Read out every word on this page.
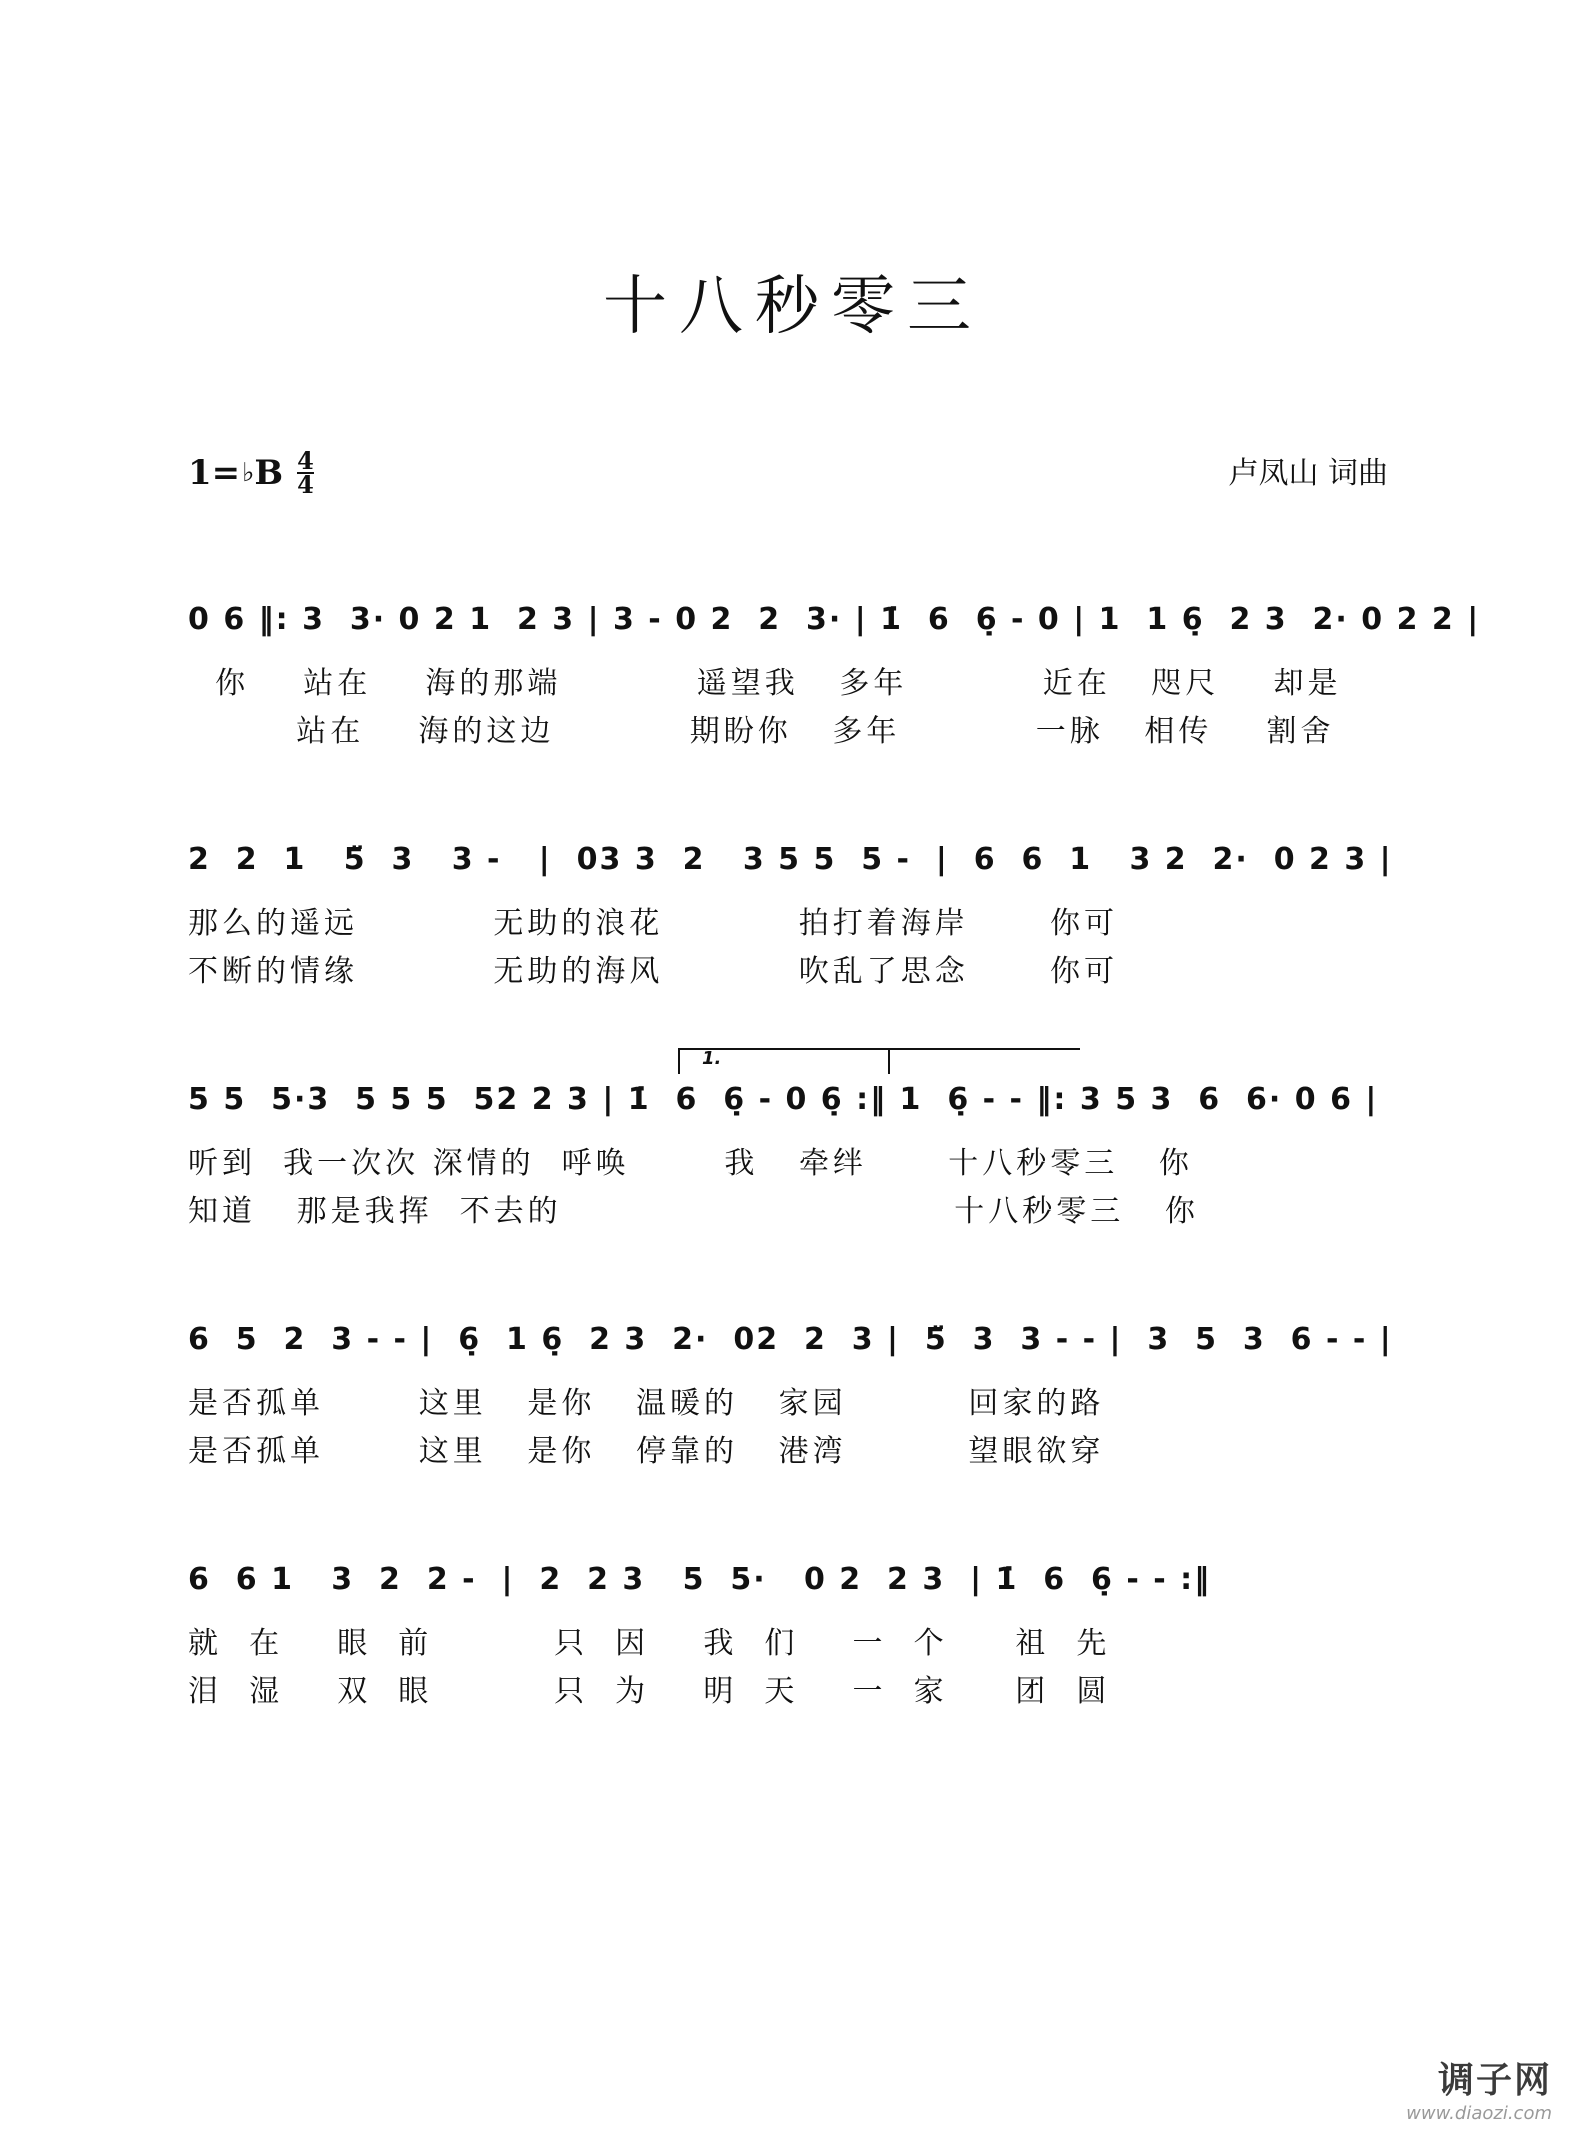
十八秒零三
1= ♭ B 4
4	卢凤山 词曲
0 6 ‖: 3  3· 0 2 1  2 3 | 3 - 0 2  2  3· | 1̇  6  6̣ - 0 | 1  1 6̣  2 3  2· 0 2 2 |
你    站在    海的那端          遥望我   多年          近在   咫尺    却是
站在    海的这边          期盼你   多年          一脉   相传    割舍
2  2  1   5̈  3   3 -   |  03 3  2   3 5 5  5 -  |  6  6  1   3 2  2·  0 2 3 |
那么的遥远          无助的浪花          拍打着海岸      你可
不断的情缘          无助的海风          吹乱了思念      你可
1.
5 5  5·3  5 5 5  52 2 3 | 1̇  6  6̣ - 0 6̣ :‖ 1  6̣ - - ‖: 3 5 3  6  6· 0 6 |
听到  我一次次 深情的  呼唤       我   牵绊      十八秒零三   你
知道   那是我挥  不去的                             十八秒零三   你
6  5  2  3 - - |  6̣  1 6̣  2 3  2·  02  2  3 |  5̈  3  3 - - |  3  5  3  6 - - |
是否孤单       这里   是你   温暖的   家园         回家的路
是否孤单       这里   是你   停靠的   港湾         望眼欲穿
6  6 1   3  2  2 -  |  2  2 3   5  5·   0 2  2 3  | 1̇  6  6̣ - - :‖
就  在    眼  前         只  因    我  们    一  个     祖  先
泪  湿    双  眼         只  为    明  天    一  家     团  圆
调子网
www.diaozi.com
